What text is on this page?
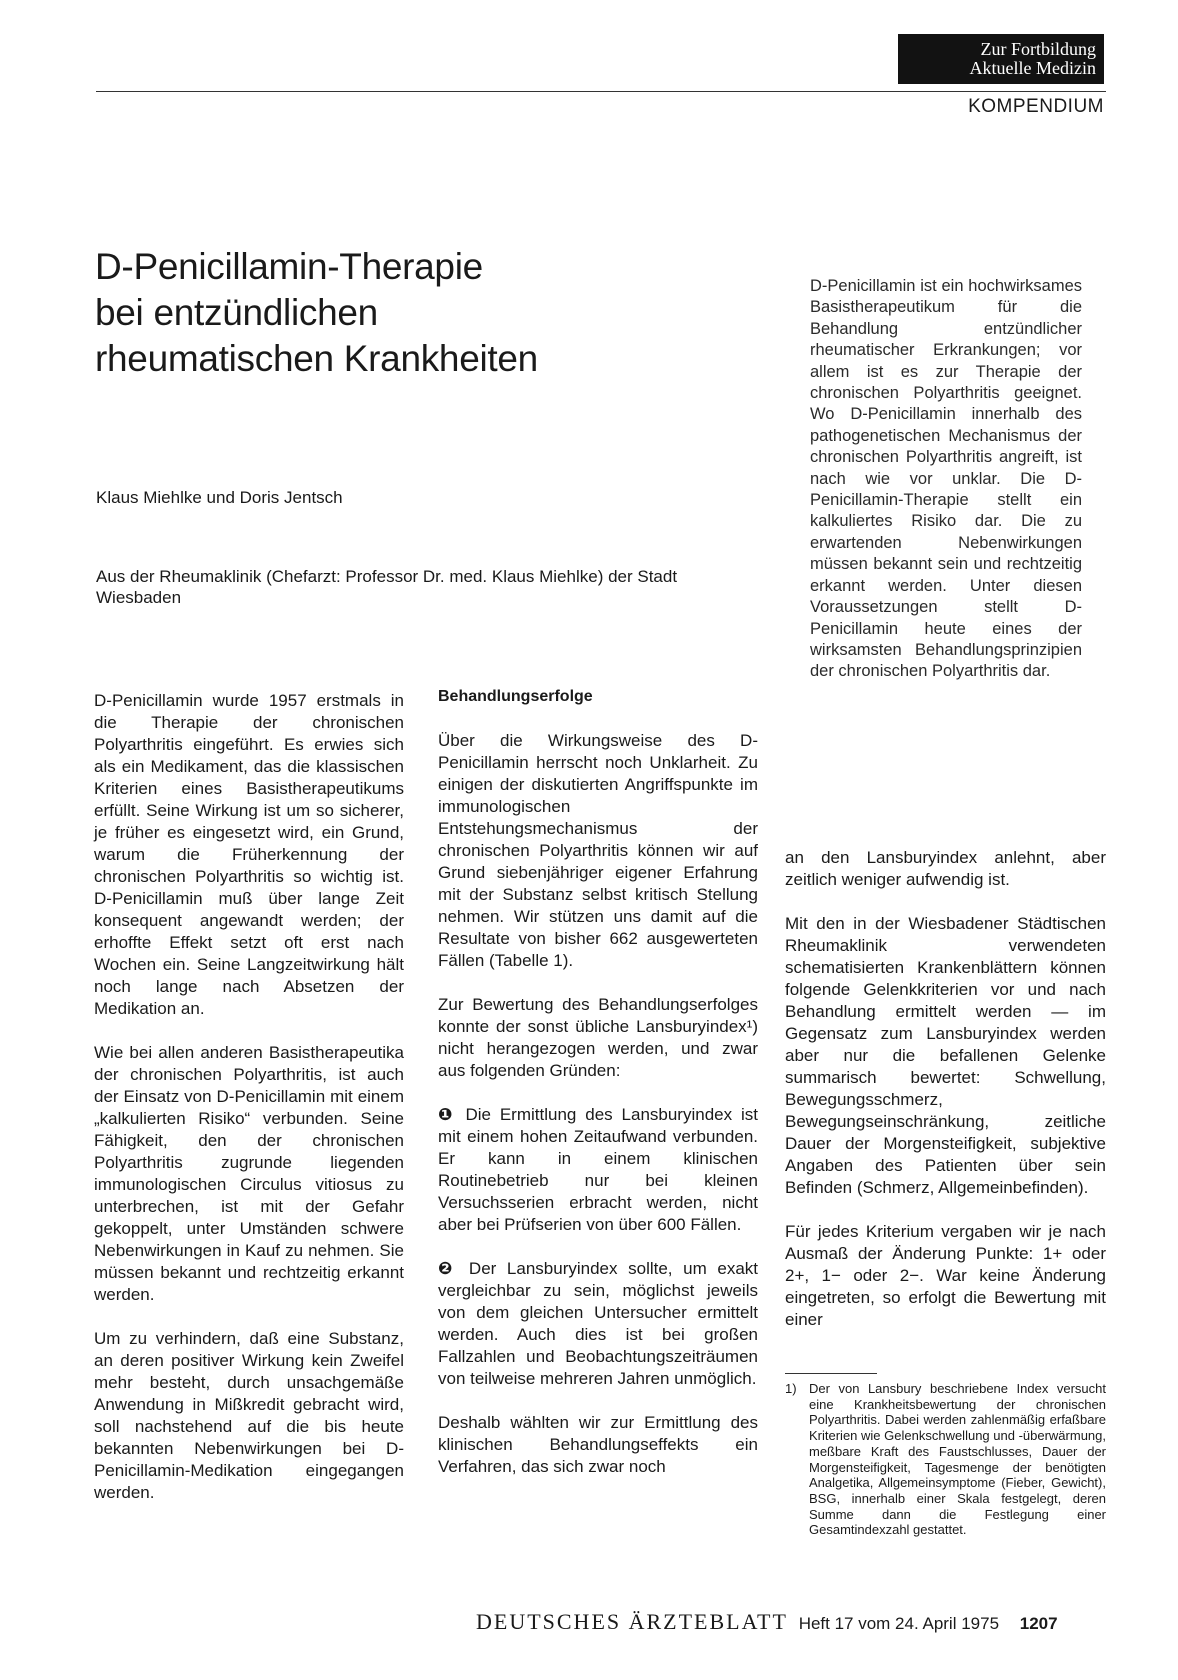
Zur Fortbildung
Aktuelle Medizin
KOMPENDIUM
D-Penicillamin-Therapie
bei entzündlichen
rheumatischen Krankheiten
Klaus Miehlke und Doris Jentsch
Aus der Rheumaklinik (Chefarzt: Professor Dr. med. Klaus Miehlke) der Stadt Wiesbaden
D-Penicillamin ist ein hochwirksames Basistherapeutikum für die Behandlung entzündlicher rheumatischer Erkrankungen; vor allem ist es zur Therapie der chronischen Polyarthritis geeignet. Wo D-Penicillamin innerhalb des pathogenetischen Mechanismus der chronischen Polyarthritis angreift, ist nach wie vor unklar. Die D-Penicillamin-Therapie stellt ein kalkuliertes Risiko dar. Die zu erwartenden Nebenwirkungen müssen bekannt sein und rechtzeitig erkannt werden. Unter diesen Voraussetzungen stellt D-Penicillamin heute eines der wirksamsten Behandlungsprinzipien der chronischen Polyarthritis dar.

D-Penicillamin wurde 1957 erstmals in die Therapie der chronischen Polyarthritis eingeführt. Es erwies sich als ein Medikament, das die klassischen Kriterien eines Basistherapeutikums erfüllt. Seine Wirkung ist um so sicherer, je früher es eingesetzt wird, ein Grund, warum die Früherkennung der chronischen Polyarthritis so wichtig ist. D-Penicillamin muß über lange Zeit konsequent angewandt werden; der erhoffte Effekt setzt oft erst nach Wochen ein. Seine Langzeitwirkung hält noch lange nach Absetzen der Medikation an.

Wie bei allen anderen Basistherapeutika der chronischen Polyarthritis, ist auch der Einsatz von D-Penicillamin mit einem „kalkulierten Risiko“ verbunden. Seine Fähigkeit, den der chronischen Polyarthritis zugrunde liegenden immunologischen Circulus vitiosus zu unterbrechen, ist mit der Gefahr gekoppelt, unter Umständen schwere Nebenwirkungen in Kauf zu nehmen. Sie müssen bekannt und rechtzeitig erkannt werden.

Um zu verhindern, daß eine Substanz, an deren positiver Wirkung kein Zweifel mehr besteht, durch unsachgemäße Anwendung in Mißkredit gebracht wird, soll nachstehend auf die bis heute bekannten Nebenwirkungen bei D-Penicillamin-Medikation eingegangen werden.

Behandlungserfolge

Über die Wirkungsweise des D-Penicillamin herrscht noch Unklarheit. Zu einigen der diskutierten Angriffspunkte im immunologischen Entstehungsmechanismus der chronischen Polyarthritis können wir auf Grund siebenjähriger eigener Erfahrung mit der Substanz selbst kritisch Stellung nehmen. Wir stützen uns damit auf die Resultate von bisher 662 ausgewerteten Fällen (Tabelle 1).

Zur Bewertung des Behandlungserfolges konnte der sonst übliche Lansburyindex¹) nicht herangezogen werden, und zwar aus folgenden Gründen:

❶ Die Ermittlung des Lansburyindex ist mit einem hohen Zeitaufwand verbunden. Er kann in einem klinischen Routinebetrieb nur bei kleinen Versuchsserien erbracht werden, nicht aber bei Prüfserien von über 600 Fällen.

❷ Der Lansburyindex sollte, um exakt vergleichbar zu sein, möglichst jeweils von dem gleichen Untersucher ermittelt werden. Auch dies ist bei großen Fallzahlen und Beobachtungszeiträumen von teilweise mehreren Jahren unmöglich.

Deshalb wählten wir zur Ermittlung des klinischen Behandlungseffekts ein Verfahren, das sich zwar noch

an den Lansburyindex anlehnt, aber zeitlich weniger aufwendig ist.

Mit den in der Wiesbadener Städtischen Rheumaklinik verwendeten schematisierten Krankenblättern können folgende Gelenkkriterien vor und nach Behandlung ermittelt werden — im Gegensatz zum Lansburyindex werden aber nur die befallenen Gelenke summarisch bewertet: Schwellung, Bewegungsschmerz, Bewegungseinschränkung, zeitliche Dauer der Morgensteifigkeit, subjektive Angaben des Patienten über sein Befinden (Schmerz, Allgemeinbefinden).

Für jedes Kriterium vergaben wir je nach Ausmaß der Änderung Punkte: 1+ oder 2+, 1− oder 2−. War keine Änderung eingetreten, so erfolgt die Bewertung mit einer

1) Der von Lansbury beschriebene Index versucht eine Krankheitsbewertung der chronischen Polyarthritis. Dabei werden zahlenmäßig erfaßbare Kriterien wie Gelenkschwellung und -überwärmung, meßbare Kraft des Faustschlusses, Dauer der Morgensteifigkeit, Tagesmenge der benötigten Analgetika, Allgemeinsymptome (Fieber, Gewicht), BSG, innerhalb einer Skala festgelegt, deren Summe dann die Festlegung einer Gesamtindexzahl gestattet.
DEUTSCHES ÄRZTEBLATT Heft 17 vom 24. April 1975 1207
